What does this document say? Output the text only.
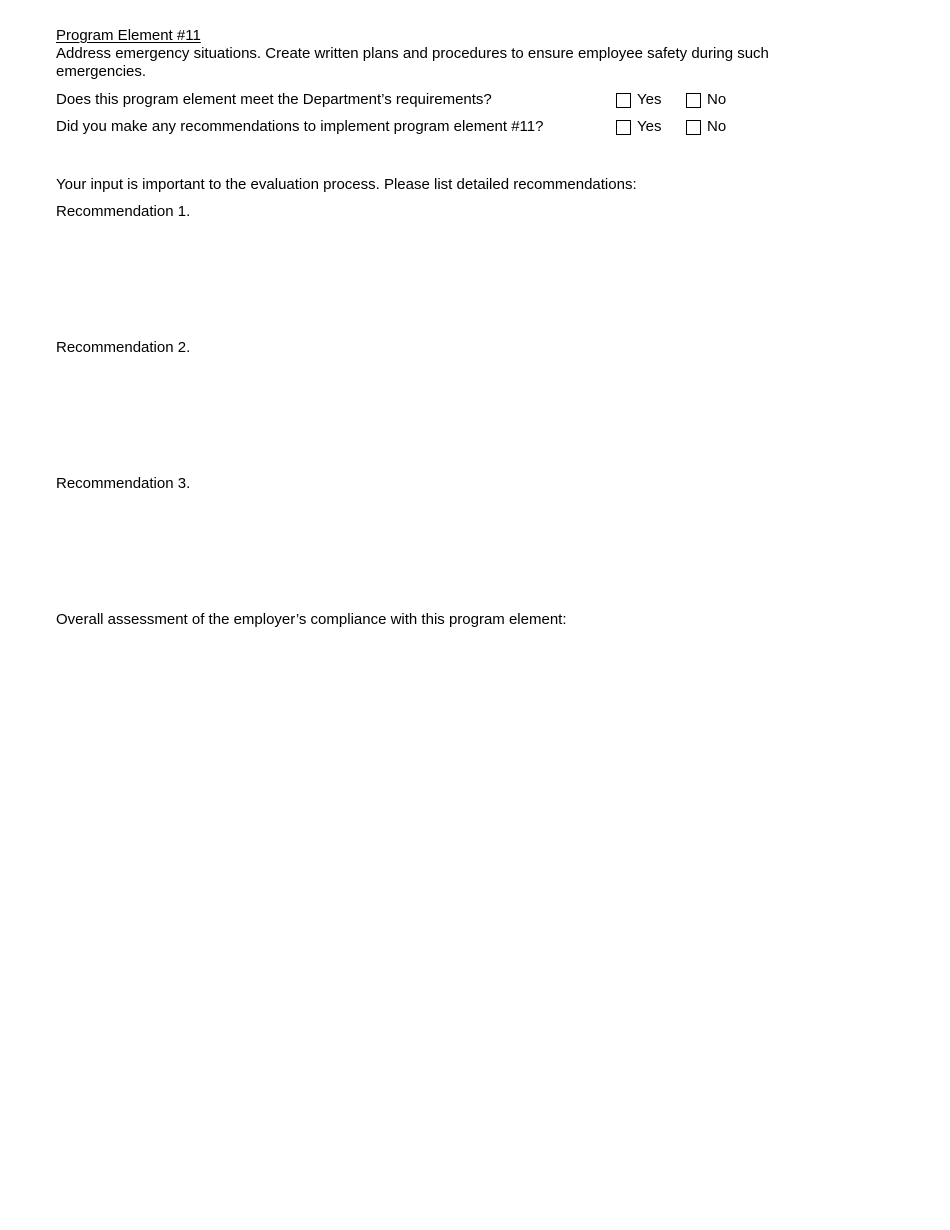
Program Element #11
Address emergency situations. Create written plans and procedures to ensure employee safety during such emergencies.
Does this program element meet the Department’s requirements?	Yes	No
Did you make any recommendations to implement program element #11?	Yes	No
Your input is important to the evaluation process. Please list detailed recommendations:
Recommendation 1.
Recommendation 2.
Recommendation 3.
Overall assessment of the employer’s compliance with this program element:
